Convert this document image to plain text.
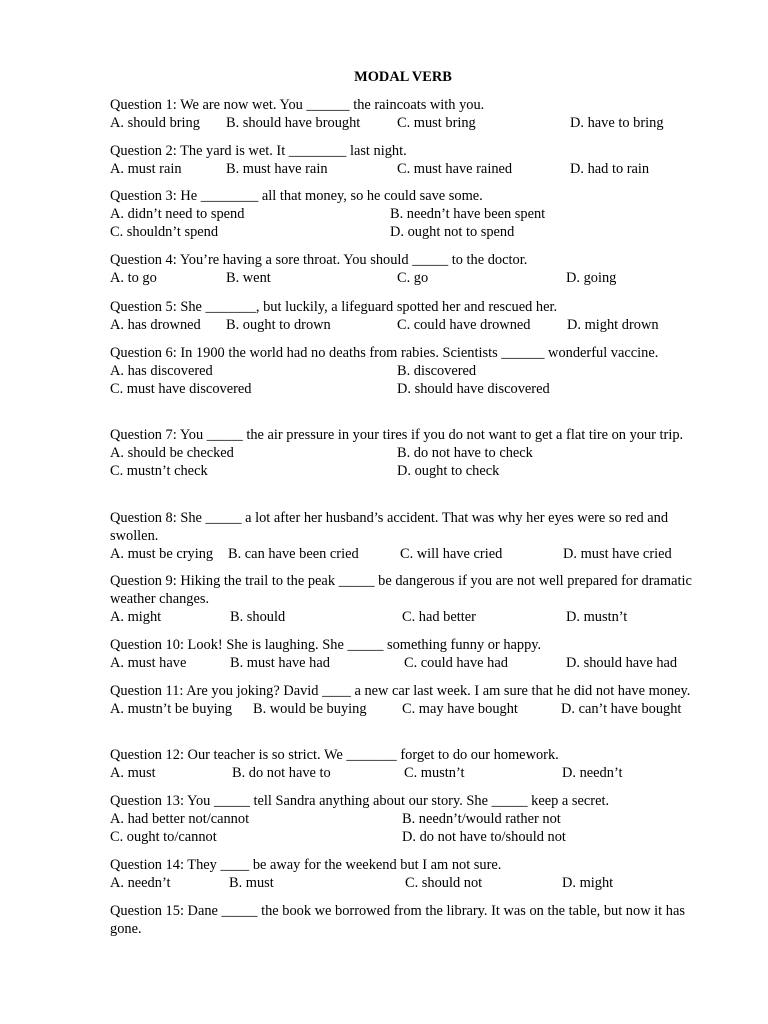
MODAL VERB
Question 1: We are now wet. You ______ the raincoats with you.
A. should bring B. should have brought	C. must bring	D. have to bring
Question 2: The yard is wet. It ________ last night.
A. must rain	B. must have rain	C. must have rained	D. had to rain
Question 3: He ________ all that money, so he could save some.
A. didn’t need to spend	B. needn’t have been spent
C. shouldn’t spend	D. ought not to spend
Question 4: You’re having a sore throat. You should _____ to the doctor.
A. to go	B. went	C. go	D. going
Question 5: She _______, but luckily, a lifeguard spotted her and rescued her.
A. has drowned B. ought to drown	C. could have drowned	D. might drown
Question 6: In 1900 the world had no deaths from rabies. Scientists ______ wonderful vaccine.
A. has discovered	B. discovered
C. must have discovered	D. should have discovered
Question 7: You _____ the air pressure in your tires if you do not want to get a flat tire on your trip.
A. should be checked	B. do not have to check
C. mustn’t check	D. ought to check
Question 8: She _____ a lot after her husband’s accident. That was why her eyes were so red and swollen.
A. must be crying B. can have been cried	C. will have cried	D. must have cried
Question 9: Hiking the trail to the peak _____ be dangerous if you are not well prepared for dramatic weather changes.
A. might	B. should	C. had better	D. mustn’t
Question 10: Look! She is laughing. She _____ something funny or happy.
A. must have	B. must have had	C. could have had	D. should have had
Question 11: Are you joking? David ____ a new car last week. I am sure that he did not have money.
A. mustn’t be buying B. would be buying C. may have bought	D. can’t have bought
Question 12: Our teacher is so strict. We _______ forget to do our homework.
A. must	B. do not have to	C. mustn’t	D. needn’t
Question 13: You _____ tell Sandra anything about our story. She _____ keep a secret.
A. had better not/cannot	B. needn’t/would rather not
C. ought to/cannot	D. do not have to/should not
Question 14: They ____ be away for the weekend but I am not sure.
A. needn’t	B. must	C. should not	D. might
Question 15: Dane _____ the book we borrowed from the library. It was on the table, but now it has gone.
